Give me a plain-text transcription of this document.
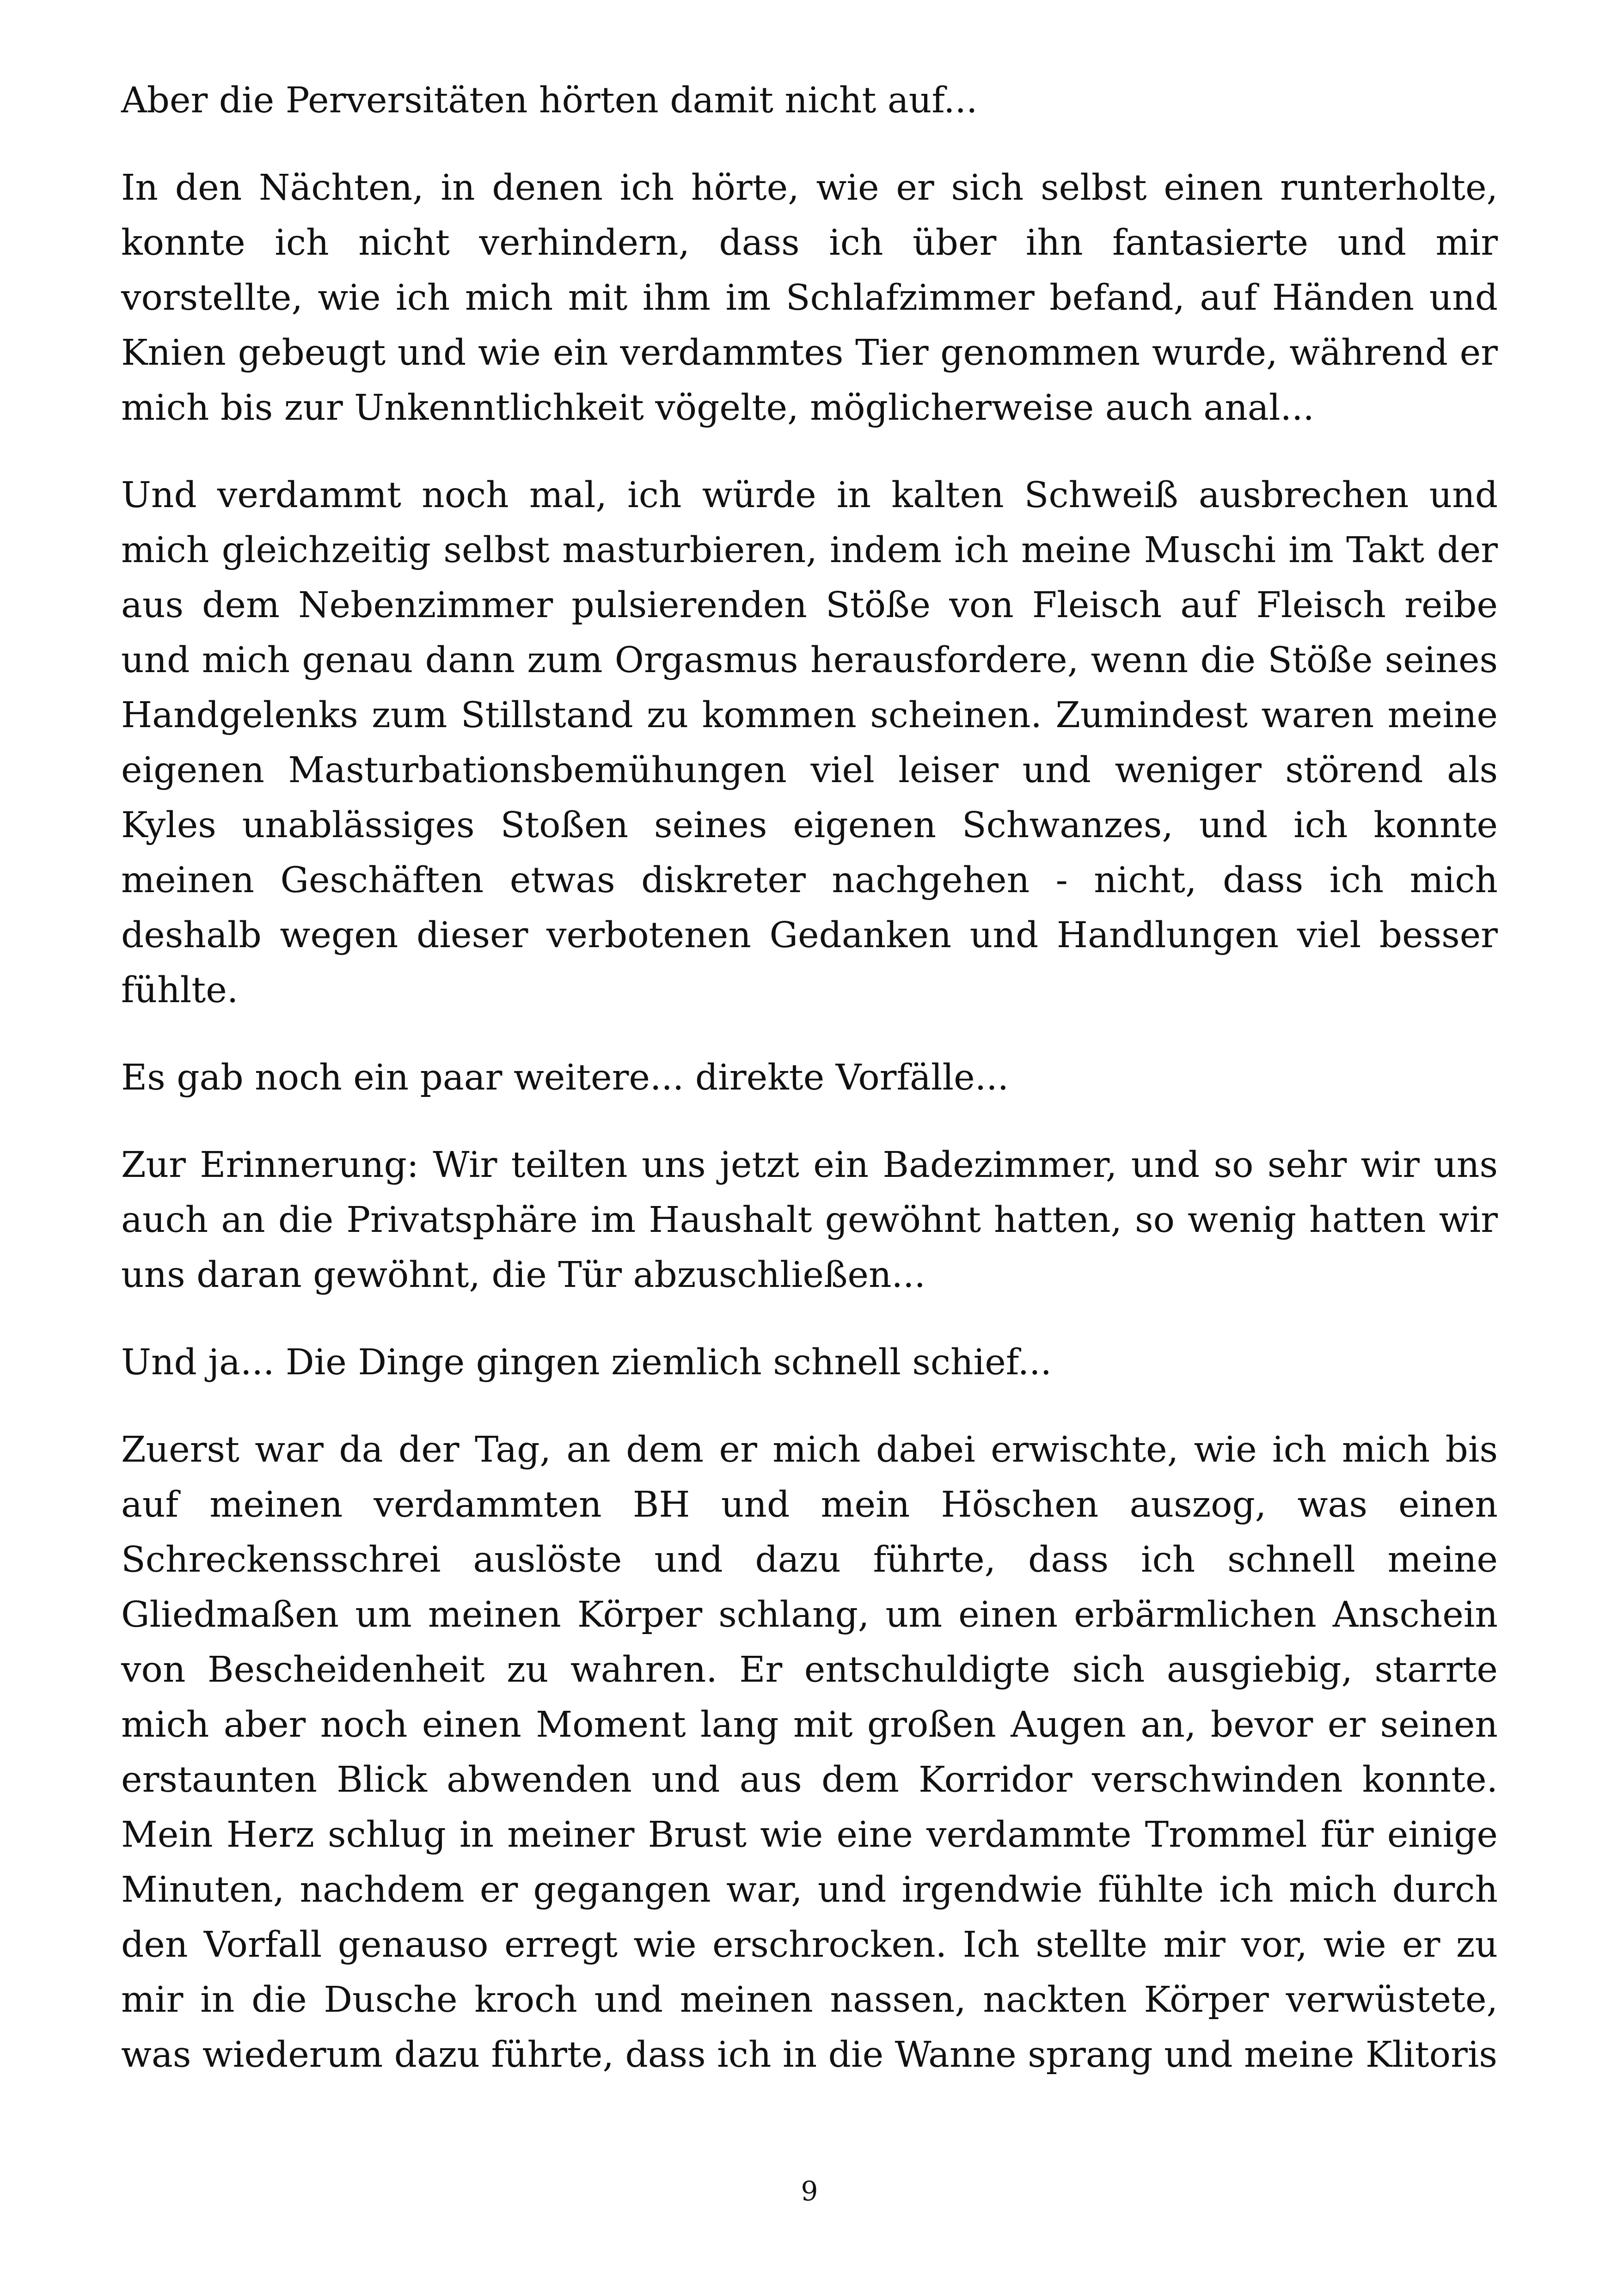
Aber die Perversitäten hörten damit nicht auf...

In den Nächten, in denen ich hörte, wie er sich selbst einen runterholte, konnte ich nicht verhindern, dass ich über ihn fantasierte und mir vorstellte, wie ich mich mit ihm im Schlafzimmer befand, auf Händen und Knien gebeugt und wie ein verdammtes Tier genommen wurde, während er mich bis zur Unkenntlichkeit vögelte, möglicherweise auch anal...

Und verdammt noch mal, ich würde in kalten Schweiß ausbrechen und mich gleichzeitig selbst masturbieren, indem ich meine Muschi im Takt der aus dem Nebenzimmer pulsierenden Stöße von Fleisch auf Fleisch reibe und mich genau dann zum Orgasmus herausfordere, wenn die Stöße seines Handgelenks zum Stillstand zu kommen scheinen. Zumindest waren meine eigenen Masturbationsbemühungen viel leiser und weniger störend als Kyles unablässiges Stoßen seines eigenen Schwanzes, und ich konnte meinen Geschäften etwas diskreter nachgehen - nicht, dass ich mich deshalb wegen dieser verbotenen Gedanken und Handlungen viel besser fühlte.

Es gab noch ein paar weitere... direkte Vorfälle...

Zur Erinnerung: Wir teilten uns jetzt ein Badezimmer, und so sehr wir uns auch an die Privatsphäre im Haushalt gewöhnt hatten, so wenig hatten wir uns daran gewöhnt, die Tür abzuschließen...

Und ja... Die Dinge gingen ziemlich schnell schief...

Zuerst war da der Tag, an dem er mich dabei erwischte, wie ich mich bis auf meinen verdammten BH und mein Höschen auszog, was einen Schreckensschrei auslöste und dazu führte, dass ich schnell meine Gliedmaßen um meinen Körper schlang, um einen erbärmlichen Anschein von Bescheidenheit zu wahren. Er entschuldigte sich ausgiebig, starrte mich aber noch einen Moment lang mit großen Augen an, bevor er seinen erstaunten Blick abwenden und aus dem Korridor verschwinden konnte. Mein Herz schlug in meiner Brust wie eine verdammte Trommel für einige Minuten, nachdem er gegangen war, und irgendwie fühlte ich mich durch den Vorfall genauso erregt wie erschrocken. Ich stellte mir vor, wie er zu mir in die Dusche kroch und meinen nassen, nackten Körper verwüstete, was wiederum dazu führte, dass ich in die Wanne sprang und meine Klitoris

9
